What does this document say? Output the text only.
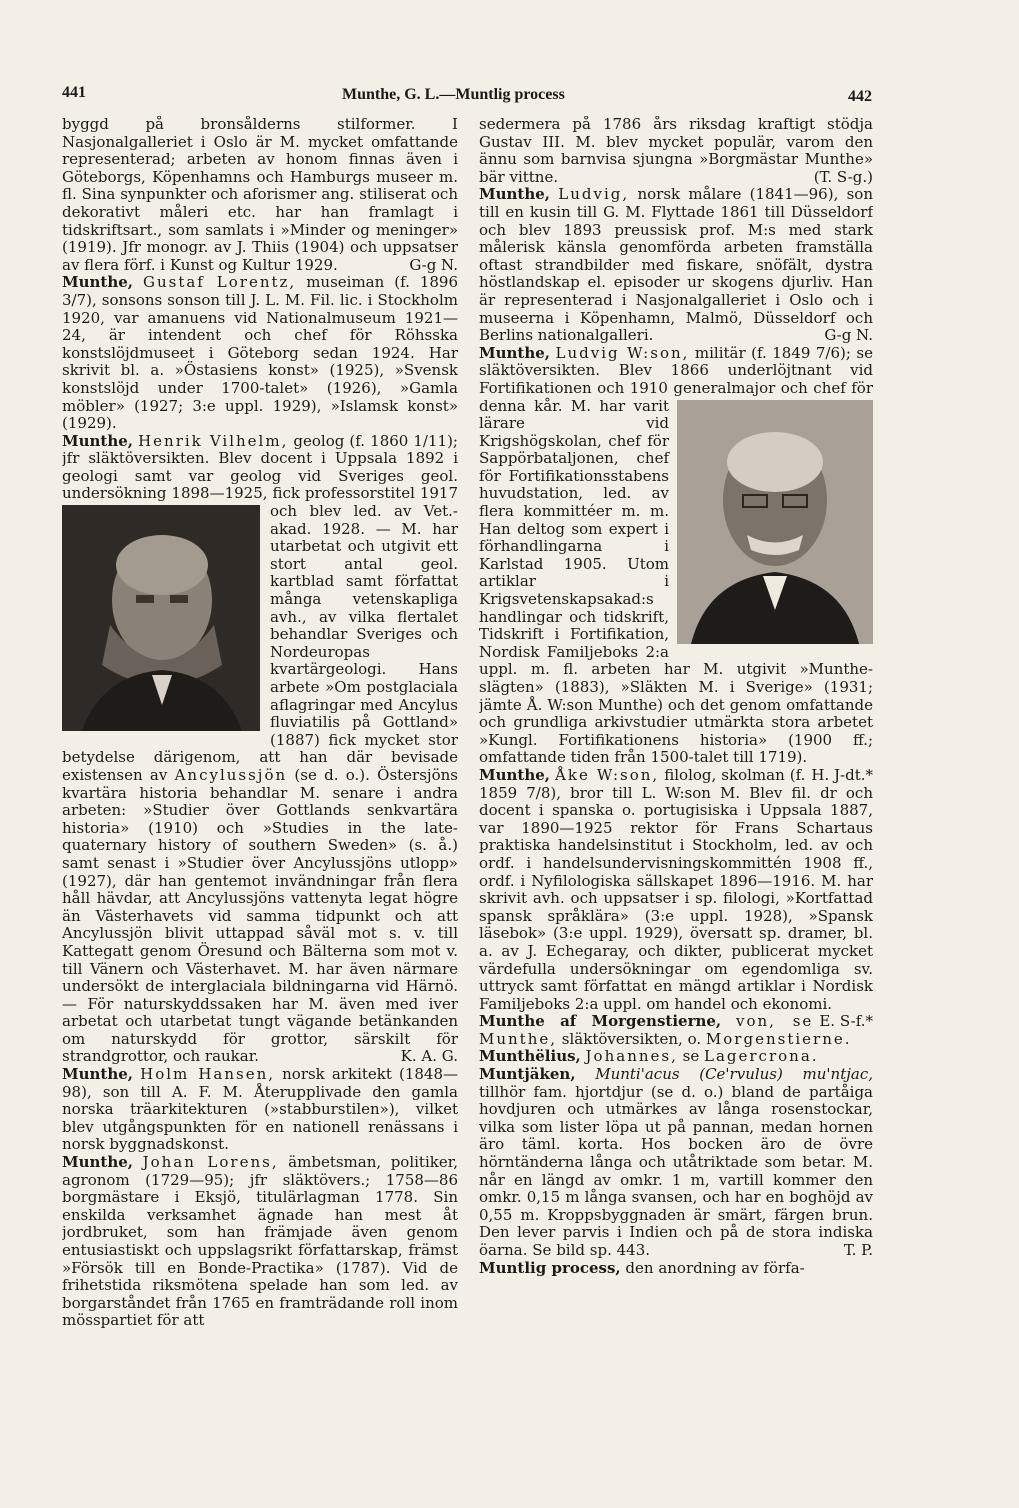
441	Munthe, G. L.—Muntlig process	442

byggd på bronsålderns stilformer. I Nasjonalgalleriet i Oslo är M. mycket omfattande representerad; arbeten av honom finnas även i Göteborgs, Köpenhamns och Hamburgs museer m. fl. Sina synpunkter och aforismer ang. stiliserat och dekorativt måleri etc. har han framlagt i tidskriftsart., som samlats i »Minder og meninger» (1919). Jfr monogr. av J. Thiis (1904) och uppsatser av flera förf. i Kunst og Kultur 1929.	G-g N.

Munthe, Gustaf Lorentz, museiman (f. 1896 3/7), sonsons sonson till J. L. M. Fil. lic. i Stockholm 1920, var amanuens vid Nationalmuseum 1921—24, är intendent och chef för Röhsska konstslöjdmuseet i Göteborg sedan 1924. Har skrivit bl. a. »Östasiens konst» (1925), »Svensk konstslöjd under 1700-talet» (1926), »Gamla möbler» (1927; 3:e uppl. 1929), »Islamsk konst» (1929).

Munthe, Henrik Vilhelm, geolog (f. 1860 1/11); jfr släktöversikten. Blev docent i Uppsala 1892 i geologi samt var geolog vid Sveriges geol. undersökning 1898—1925, fick professorstitel 1917 och blev led. av Vet.-akad. 1928. — M. har utarbetat och utgivit ett stort antal geol. kartblad samt författat många vetenskapliga avh., av vilka flertalet behandlar Sveriges och Nordeuropas kvartärgeologi. Hans arbete »Om postglaciala aflagringar med Ancylus fluviatilis på Gottland» (1887) fick mycket stor betydelse därigenom, att han där bevisade existensen av Ancylussjön (se d. o.). Östersjöns kvartära historia behandlar M. senare i andra arbeten: »Studier över Gottlands senkvartära historia» (1910) och »Studies in the late-quaternary history of southern Sweden» (s. å.) samt senast i »Studier över Ancylussjöns utlopp» (1927), där han gentemot invändningar från flera håll hävdar, att Ancylussjöns vattenyta legat högre än Västerhavets vid samma tidpunkt och att Ancylussjön blivit uttappad såväl mot s. v. till Kattegatt genom Öresund och Bälterna som mot v. till Vänern och Västerhavet. M. har även närmare undersökt de interglaciala bildningarna vid Härnö. — För naturskyddssaken har M. även med iver arbetat och utarbetat tungt vägande betänkanden om naturskydd för grottor, särskilt för strandgrottor, och raukar.	K. A. G.

Munthe, Holm Hansen, norsk arkitekt (1848—98), son till A. F. M. Återupplivade den gamla norska träarkitekturen (»stabburstilen»), vilket blev utgångspunkten för en nationell renässans i norsk byggnadskonst.

Munthe, Johan Lorens, ämbetsman, politiker, agronom (1729—95); jfr släktövers.; 1758—86 borgmästare i Eksjö, titulärlagman 1778. Sin enskilda verksamhet ägnade han mest åt jordbruket, som han främjade även genom entusiastiskt och uppslagsrikt författarskap, främst »Försök till en Bonde-Practika» (1787). Vid de frihetstida riksmötena spelade han som led. av borgarståndet från 1765 en framträdande roll inom mösspartiet för att

sedermera på 1786 års riksdag kraftigt stödja Gustav III. M. blev mycket populär, varom den ännu som barnvisa sjungna »Borgmästar Munthe» bär vittne.	(T. S-g.)

Munthe, Ludvig, norsk målare (1841—96), son till en kusin till G. M. Flyttade 1861 till Düsseldorf och blev 1893 preussisk prof. M:s med stark målerisk känsla genomförda arbeten framställa oftast strandbilder med fiskare, snöfält, dystra höstlandskap el. episoder ur skogens djurliv. Han är representerad i Nasjonalgalleriet i Oslo och i museerna i Köpenhamn, Malmö, Düsseldorf och Berlins nationalgalleri.	G-g N.

Munthe, Ludvig W:son, militär (f. 1849 7/6); se släktöversikten. Blev 1866 underlöjtnant vid Fortifikationen och 1910 generalmajor och chef för denna kår. M. har varit lärare vid Krigshögskolan, chef för Sappörbataljonen, chef för Fortifikationsstabens huvudstation, led. av flera kommittéer m. m. Han deltog som expert i förhandlingarna i Karlstad 1905. Utom artiklar i Krigsvetenskapsakad:s handlingar och tidskrift, Tidskrift i Fortifikation, Nordisk Familjeboks 2:a uppl. m. fl. arbeten har M. utgivit »Munthe-slägten» (1883), »Släkten M. i Sverige» (1931; jämte Å. W:son Munthe) och det genom omfattande och grundliga arkivstudier utmärkta stora arbetet »Kungl. Fortifikationens historia» (1900 ff.; omfattande tiden från 1500-talet till 1719).
H. J-dt.*

Munthe, Åke W:son, filolog, skolman (f. 1859 7/8), bror till L. W:son M. Blev fil. dr och docent i spanska o. portugisiska i Uppsala 1887, var 1890—1925 rektor för Frans Schartaus praktiska handelsinstitut i Stockholm, led. av och ordf. i handelsundervisningskommittén 1908 ff., ordf. i Nyfilologiska sällskapet 1896—1916. M. har skrivit avh. och uppsatser i sp. filologi, »Kortfattad spansk språklära» (3:e uppl. 1928), »Spansk läsebok» (3:e uppl. 1929), översatt sp. dramer, bl. a. av J. Echegaray, och dikter, publicerat mycket värdefulla undersökningar om egendomliga sv. uttryck samt författat en mängd artiklar i Nordisk Familjeboks 2:a uppl. om handel och ekonomi.
E. S-f.*

Munthe af Morgenstierne, von, se Munthe, släktöversikten, o. Morgenstierne.

Munthëlius, Johannes, se Lagercrona.

Muntjäken, Munti'acus (Ce'rvulus) mu'ntjac, tillhör fam. hjortdjur (se d. o.) bland de partåiga hovdjuren och utmärkes av långa rosenstockar, vilka som lister löpa ut på pannan, medan hornen äro täml. korta. Hos bocken äro de övre hörntänderna långa och utåtriktade som betar. M. når en längd av omkr. 1 m, vartill kommer den omkr. 0,15 m långa svansen, och har en boghöjd av 0,55 m. Kroppsbyggnaden är smärt, färgen brun. Den lever parvis i Indien och på de stora indiska öarna. Se bild sp. 443.	T. P.

Muntlig process, den anordning av förfa-
